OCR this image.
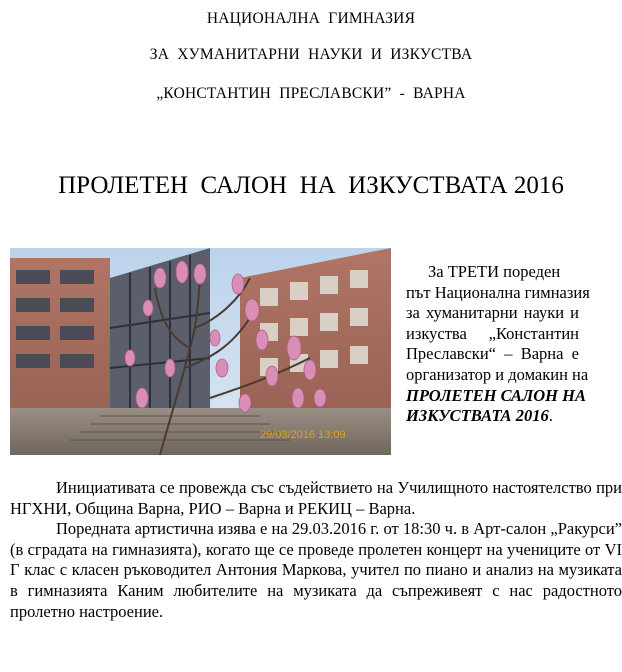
НАЦИОНАЛНА  ГИМНАЗИЯ
ЗА  ХУМАНИТАРНИ  НАУКИ  И  ИЗКУСТВА
„КОНСТАНТИН  ПРЕСЛАВСКИ”  -  ВАРНА
ПРОЛЕТЕН  САЛОН  НА  ИЗКУСТВАТА 2016
29/03/2016 13:09
За ТРЕТИ пореден
път Национална гимназия
за хуманитарни науки и
изкуства „Константин
Преславски“ – Варна е
организатор и домакин на
ПРОЛЕТЕН САЛОН НА
ИЗКУСТВАТА 2016.

Инициативата се провежда със съдействието на Училищното настоятелство при НГХНИ, Община Варна, РИО – Варна и РЕКИЦ – Варна.

Поредната артистична изява е на 29.03.2016 г. от 18:30 ч. в Арт-салон „Ракурси” (в сградата на гимназията), когато ще се проведе пролетен концерт на учениците от VI Г клас с класен ръководител Антония Маркова, учител по пиано и анализ на музиката в гимназията Каним любителите на музиката да съпреживеят с нас радостното пролетно настроение.
